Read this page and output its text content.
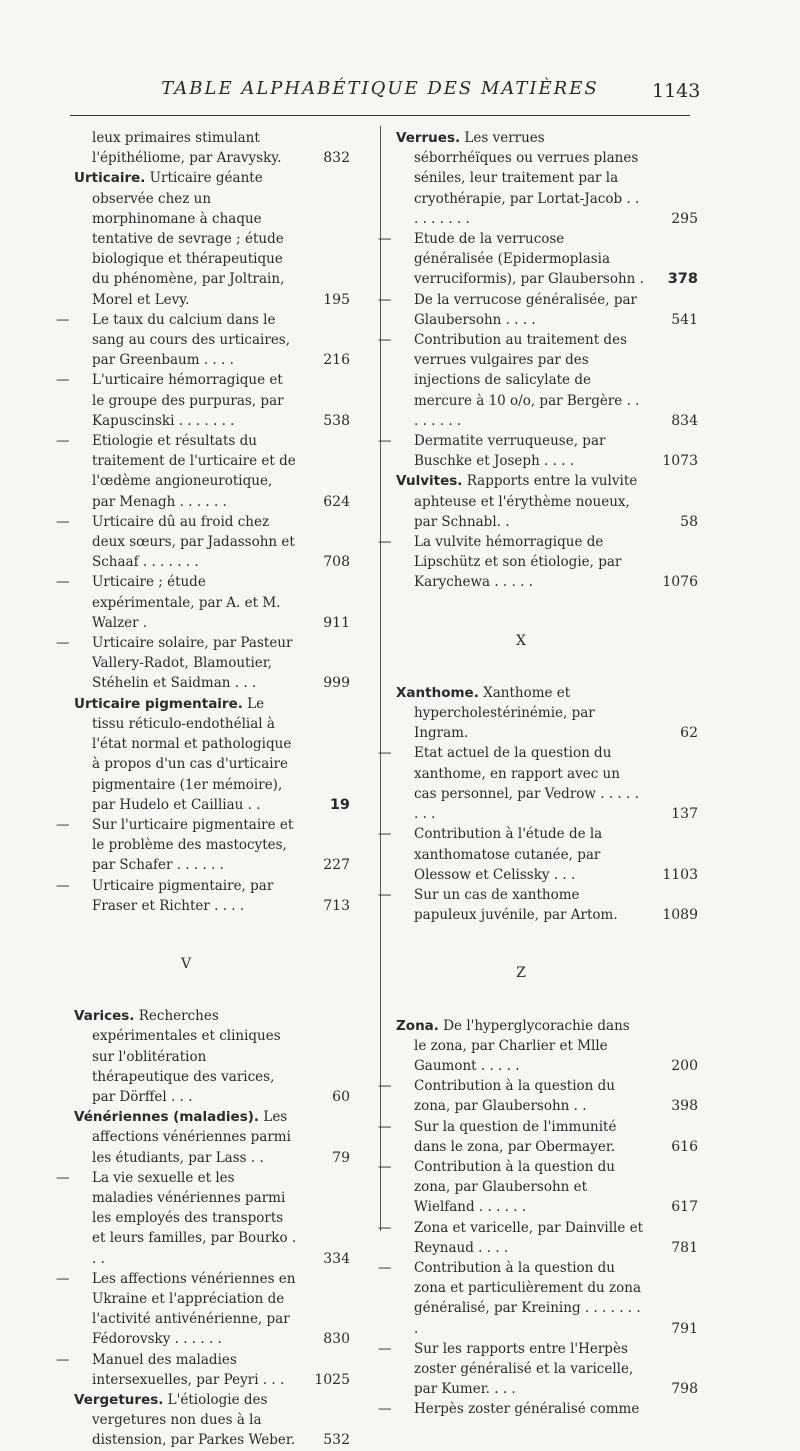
TABLE ALPHABÉTIQUE DES MATIÈRES	1143
leux primaires stimulant l'épithéliome, par Aravysky.	832
Urticaire. Urticaire géante observée chez un morphinomane à chaque tentative de sevrage ; étude biologique et thérapeutique du phénomène, par Joltrain, Morel et Levy.	195
— Le taux du calcium dans le sang au cours des urticaires, par Greenbaum . . . .	216
— L'urticaire hémorragique et le groupe des purpuras, par Kapuscinski . . . . . . .	538
— Etiologie et résultats du traitement de l'urticaire et de l'œdème angioneurotique, par Menagh . . . . . .	624
— Urticaire dû au froid chez deux sœurs, par Jadassohn et Schaaf . . . . . . .	708
— Urticaire ; étude expérimentale, par A. et M. Walzer .	911
— Urticaire solaire, par Pasteur Vallery-Radot, Blamoutier, Stéhelin et Saidman . . .	999
Urticaire pigmentaire. Le tissu réticulo-endothélial à l'état normal et pathologique à propos d'un cas d'urticaire pigmentaire (1er mémoire), par Hudelo et Cailliau . .	19
— Sur l'urticaire pigmentaire et le problème des mastocytes, par Schafer . . . . . .	227
— Urticaire pigmentaire, par Fraser et Richter . . . .	713
V
Varices. Recherches expérimentales et cliniques sur l'oblitération thérapeutique des varices, par Dörffel . . .	60
Vénériennes (maladies). Les affections vénériennes parmi les étudiants, par Lass . .	79
— La vie sexuelle et les maladies vénériennes parmi les employés des transports et leurs familles, par Bourko . . .	334
— Les affections vénériennes en Ukraine et l'appréciation de l'activité antivénérienne, par Fédorovsky . . . . . .	830
— Manuel des maladies intersexuelles, par Peyri . . . 1025
Vergetures. L'étiologie des vergetures non dues à la distension, par Parkes Weber. 532
Verrues. Les verrues séborrhéïques ou verrues planes séniles, leur traitement par la cryothérapie, par Lortat-Jacob . . . . . . . . .	295
— Etude de la verrucose généralisée (Epidermoplasia verruciformis), par Glaubersohn . 378
— De la verrucose généralisée, par Glaubersohn . . . .	541
— Contribution au traitement des verrues vulgaires par des injections de salicylate de mercure à 10 o/o, par Bergère . . . . . . . .	834
— Dermatite verruqueuse, par Buschke et Joseph . . . .	1073
Vulvites. Rapports entre la vulvite aphteuse et l'érythème noueux, par Schnabl. .	58
— La vulvite hémorragique de Lipschütz et son étiologie, par Karychewa . . . . .	1076
X
Xanthome. Xanthome et hypercholestérinémie, par Ingram.	62
— Etat actuel de la question du xanthome, en rapport avec un cas personnel, par Vedrow . . . . . . . .	137
— Contribution à l'étude de la xanthomatose cutanée, par Olessow et Celissky . . .	1103
— Sur un cas de xanthome papuleux juvénile, par Artom.	1089
Z
Zona. De l'hyperglycorachie dans le zona, par Charlier et Mlle Gaumont . . . . .	200
— Contribution à la question du zona, par Glaubersohn . .	398
— Sur la question de l'immunité dans le zona, par Obermayer.	616
— Contribution à la question du zona, par Glaubersohn et Wielfand . . . . . .	617
— Zona et varicelle, par Dainville et Reynaud . . . .	781
— Contribution à la question du zona et particulièrement du zona généralisé, par Kreining . . . . . . . .	791
— Sur les rapports entre l'Herpès zoster généralisé et la varicelle, par Kumer. . . .	798
— Herpès zoster généralisé comme
